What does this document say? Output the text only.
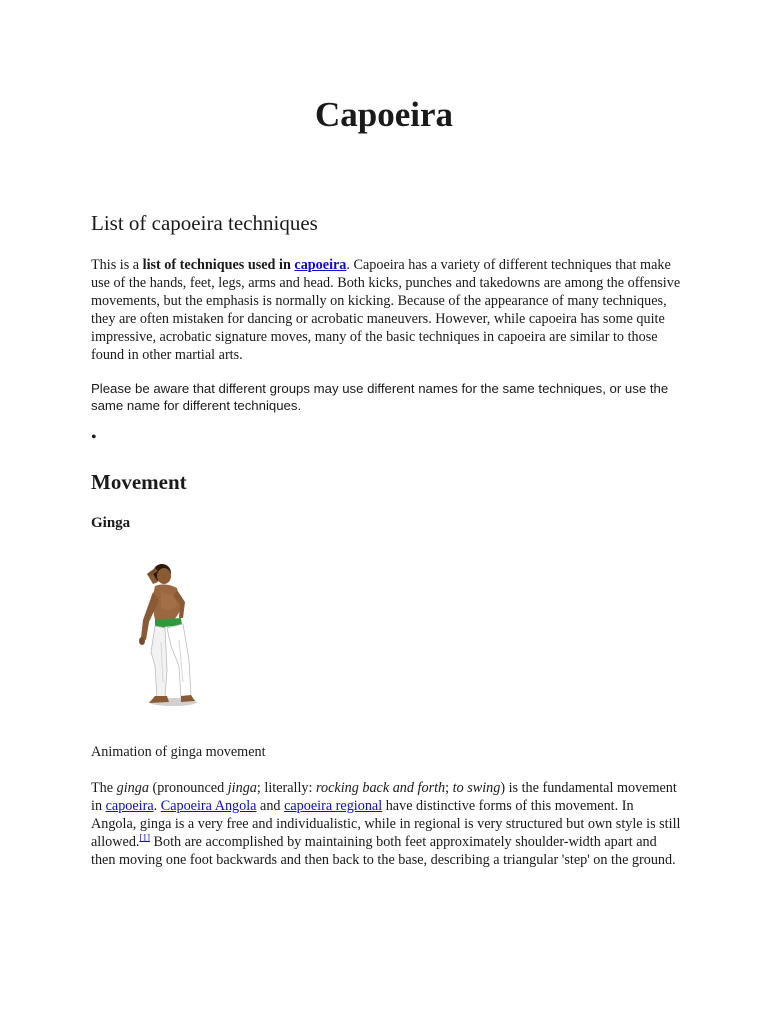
Capoeira
List of capoeira techniques

This is a list of techniques used in capoeira. Capoeira has a variety of different techniques that make use of the hands, feet, legs, arms and head. Both kicks, punches and takedowns are among the offensive movements, but the emphasis is normally on kicking. Because of the appearance of many techniques, they are often mistaken for dancing or acrobatic maneuvers. However, while capoeira has some quite impressive, acrobatic signature moves, many of the basic techniques in capoeira are similar to those found in other martial arts.

Please be aware that different groups may use different names for the same techniques, or use the same name for different techniques.

•
Movement
Ginga

Animation of ginga movement

The ginga (pronounced jinga; literally: rocking back and forth; to swing) is the fundamental movement in capoeira. Capoeira Angola and capoeira regional have distinctive forms of this movement. In Angola, ginga is a very free and individualistic, while in regional is very structured but own style is still allowed.[1] Both are accomplished by maintaining both feet approximately shoulder-width apart and then moving one foot backwards and then back to the base, describing a triangular 'step' on the ground.
